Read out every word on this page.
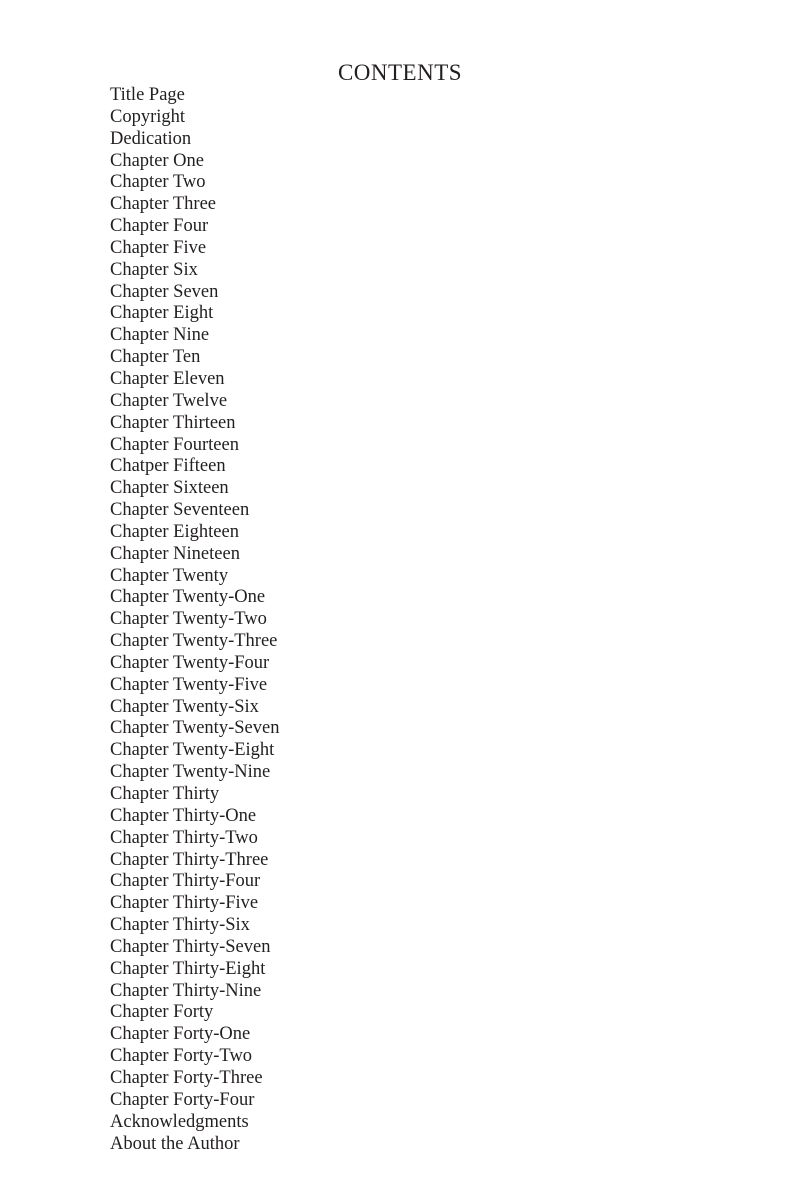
CONTENTS
Title Page
Copyright
Dedication
Chapter One
Chapter Two
Chapter Three
Chapter Four
Chapter Five
Chapter Six
Chapter Seven
Chapter Eight
Chapter Nine
Chapter Ten
Chapter Eleven
Chapter Twelve
Chapter Thirteen
Chapter Fourteen
Chatper Fifteen
Chapter Sixteen
Chapter Seventeen
Chapter Eighteen
Chapter Nineteen
Chapter Twenty
Chapter Twenty-One
Chapter Twenty-Two
Chapter Twenty-Three
Chapter Twenty-Four
Chapter Twenty-Five
Chapter Twenty-Six
Chapter Twenty-Seven
Chapter Twenty-Eight
Chapter Twenty-Nine
Chapter Thirty
Chapter Thirty-One
Chapter Thirty-Two
Chapter Thirty-Three
Chapter Thirty-Four
Chapter Thirty-Five
Chapter Thirty-Six
Chapter Thirty-Seven
Chapter Thirty-Eight
Chapter Thirty-Nine
Chapter Forty
Chapter Forty-One
Chapter Forty-Two
Chapter Forty-Three
Chapter Forty-Four
Acknowledgments
About the Author
